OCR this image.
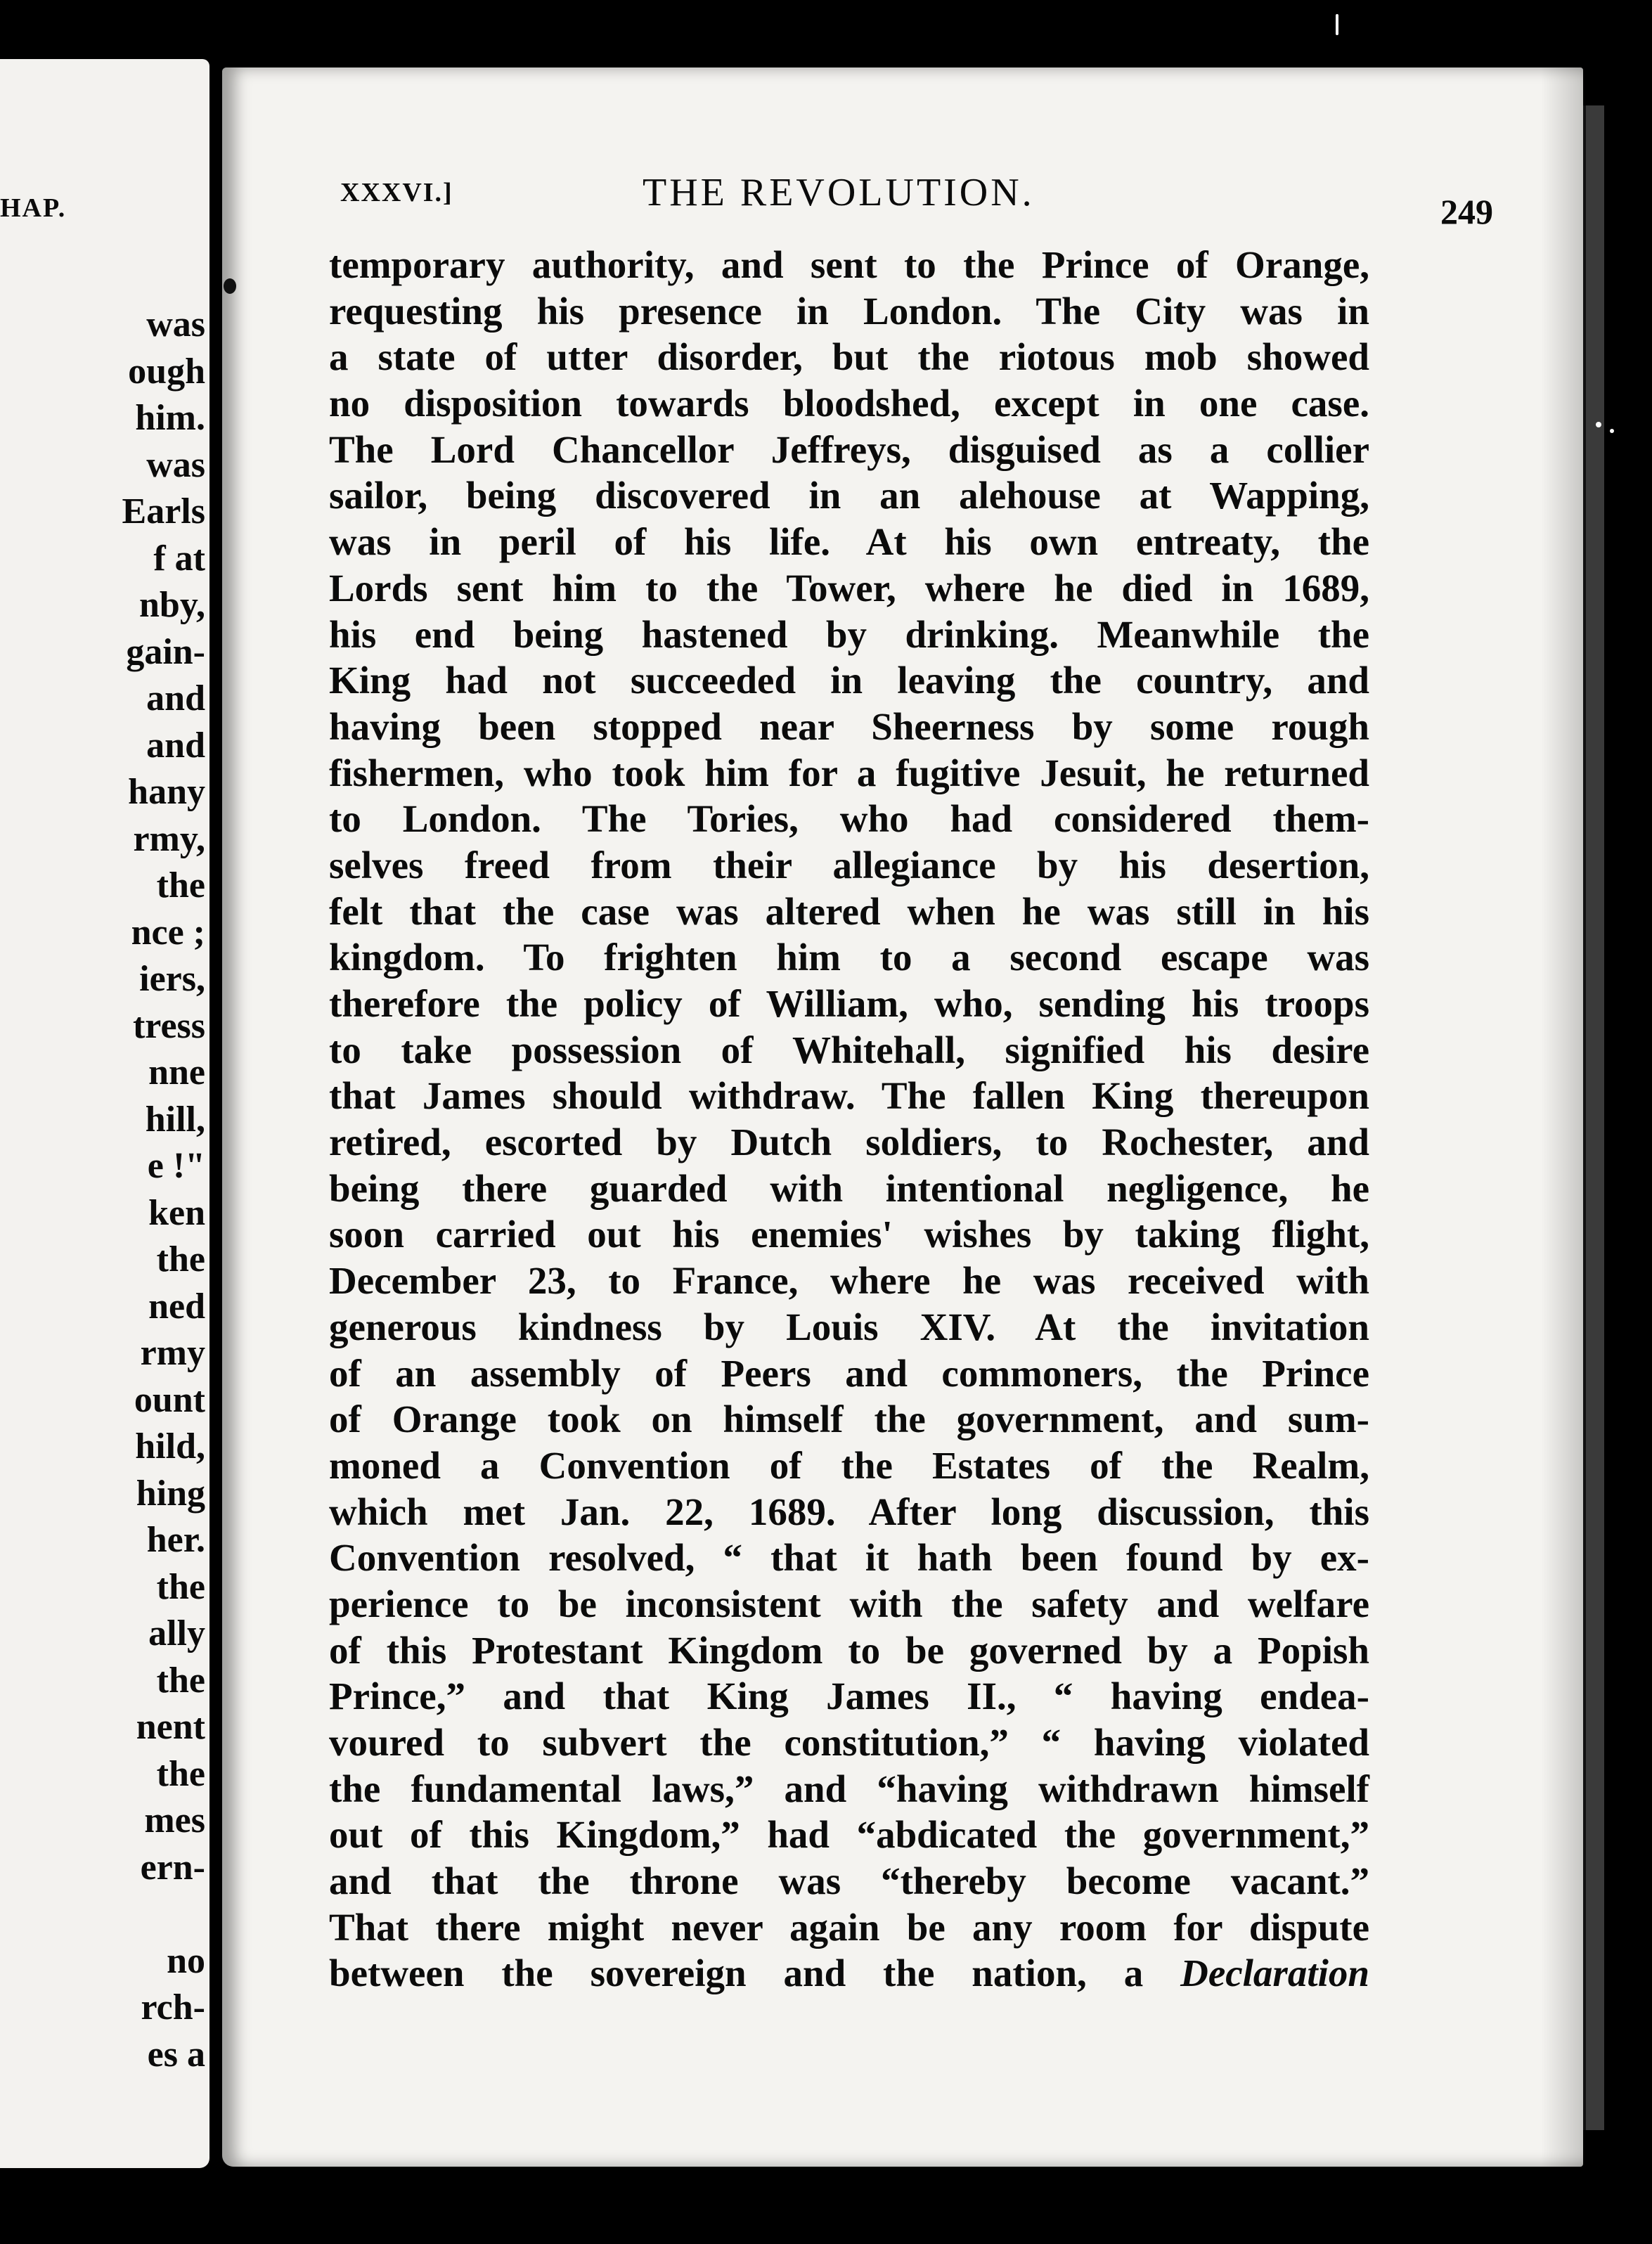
HAP.
was
ough
him.
was
Earls
f at
nby,
gain-
and
and
hany
rmy,
the
nce ;
iers,
tress
nne
hill,
e !"
ken
the
ned
rmy
ount
hild,
hing
her.
the
ally
the
nent
the
mes
ern-
no
rch-
es a
XXXVI.]	THE REVOLUTION.	249
temporary authority, and sent to the Prince of Orange,
requesting his presence in London. The City was in
a state of utter disorder, but the riotous mob showed
no disposition towards bloodshed, except in one case.
The Lord Chancellor Jeffreys, disguised as a collier
sailor, being discovered in an alehouse at Wapping,
was in peril of his life. At his own entreaty, the
Lords sent him to the Tower, where he died in 1689,
his end being hastened by drinking. Meanwhile the
King had not succeeded in leaving the country, and
having been stopped near Sheerness by some rough
fishermen, who took him for a fugitive Jesuit, he returned
to London. The Tories, who had considered them-
selves freed from their allegiance by his desertion,
felt that the case was altered when he was still in his
kingdom. To frighten him to a second escape was
therefore the policy of William, who, sending his troops
to take possession of Whitehall, signified his desire
that James should withdraw. The fallen King thereupon
retired, escorted by Dutch soldiers, to Rochester, and
being there guarded with intentional negligence, he
soon carried out his enemies' wishes by taking flight,
December 23, to France, where he was received with
generous kindness by Louis XIV. At the invitation
of an assembly of Peers and commoners, the Prince
of Orange took on himself the government, and sum-
moned a Convention of the Estates of the Realm,
which met Jan. 22, 1689. After long discussion, this
Convention resolved, “ that it hath been found by ex-
perience to be inconsistent with the safety and welfare
of this Protestant Kingdom to be governed by a Popish
Prince,” and that King James II., “ having endea-
voured to subvert the constitution,” “ having violated
the fundamental laws,” and “having withdrawn himself
out of this Kingdom,” had “abdicated the government,”
and that the throne was “thereby become vacant.”
That there might never again be any room for dispute
between the sovereign and the nation, a Declaration
